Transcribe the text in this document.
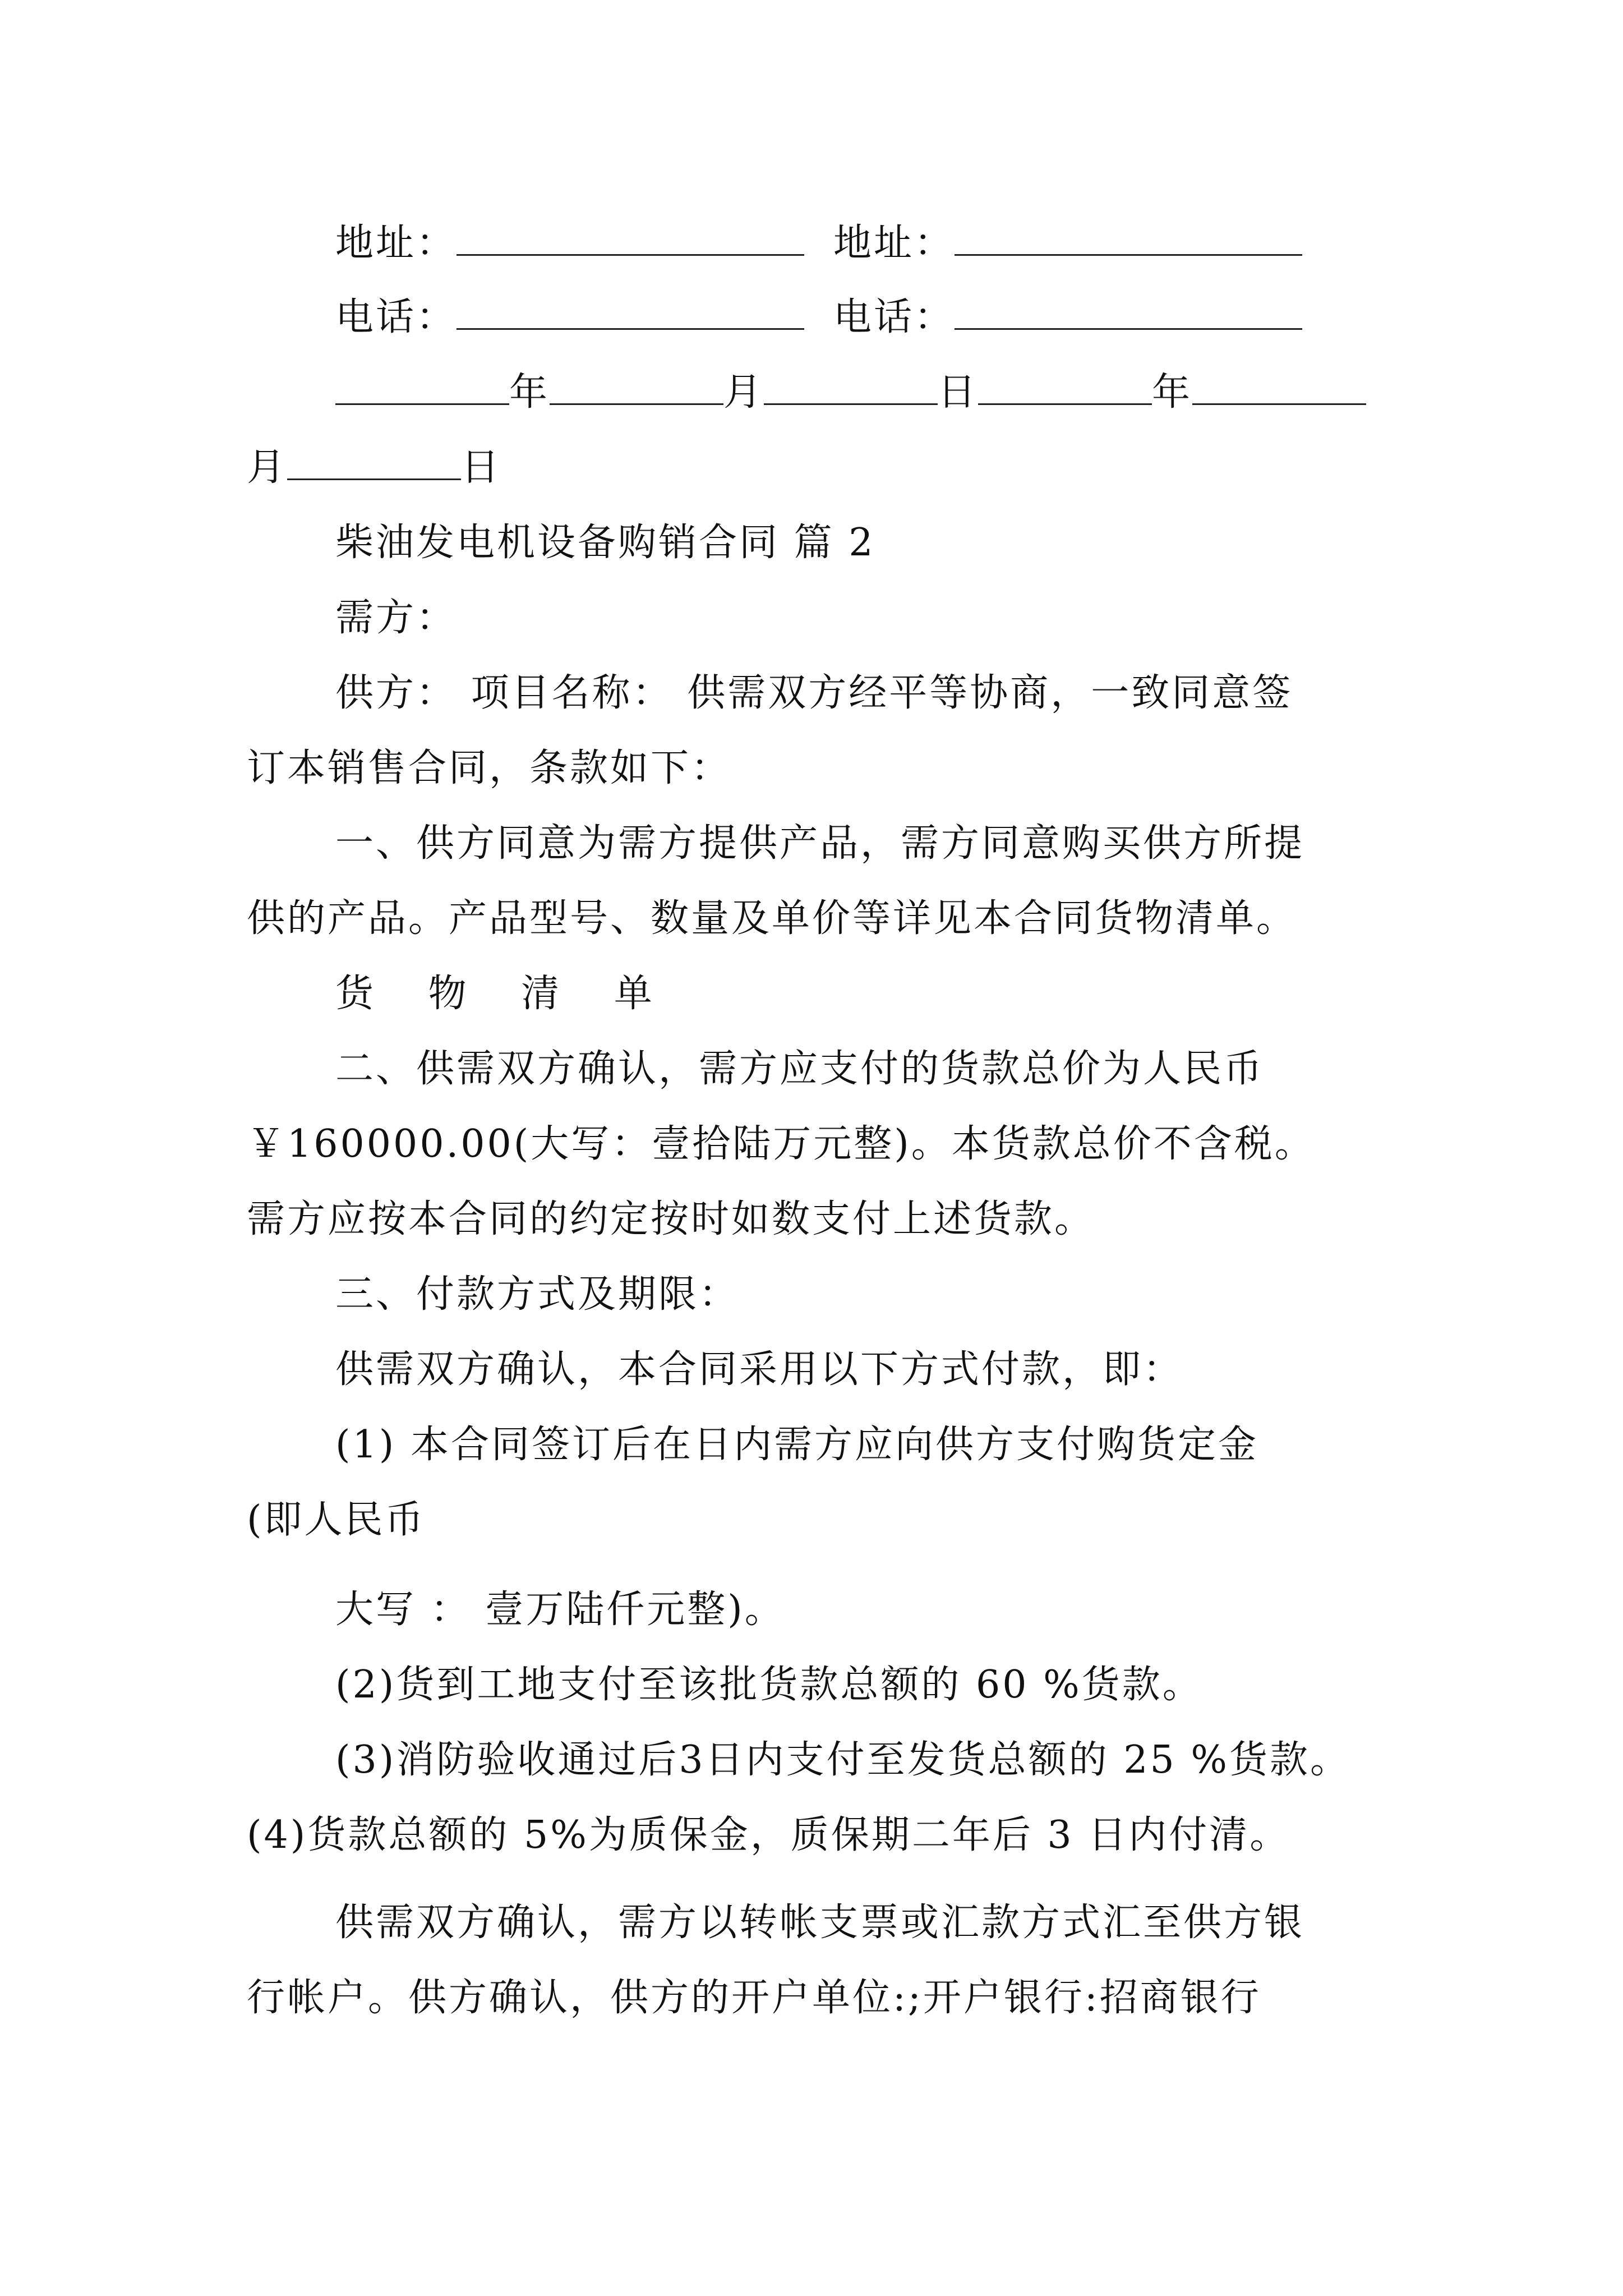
地址：	地址：
电话：	电话：
年	月	日	年
月	日
柴油发电机设备购销合同 篇 2
需方：
供方： 项目名称： 供需双方经平等协商，一致同意签
订本销售合同，条款如下：
一、供方同意为需方提供产品，需方同意购买供方所提
供的产品。产品型号、数量及单价等详见本合同货物清单。
货 物 清 单
二、供需双方确认，需方应支付的货款总价为人民币
￥160000.00(大写：壹拾陆万元整)。本货款总价不含税。
需方应按本合同的约定按时如数支付上述货款。
三、付款方式及期限：
供需双方确认，本合同采用以下方式付款，即：
(1) 本合同签订后在日内需方应向供方支付购货定金
(即人民币
大写 ： 壹万陆仟元整)。
(2)货到工地支付至该批货款总额的 60 %货款。
(3)消防验收通过后3日内支付至发货总额的 25 %货款。
(4)货款总额的 5%为质保金，质保期二年后 3 日内付清。
供需双方确认，需方以转帐支票或汇款方式汇至供方银
行帐户。供方确认，供方的开户单位:;开户银行:招商银行
